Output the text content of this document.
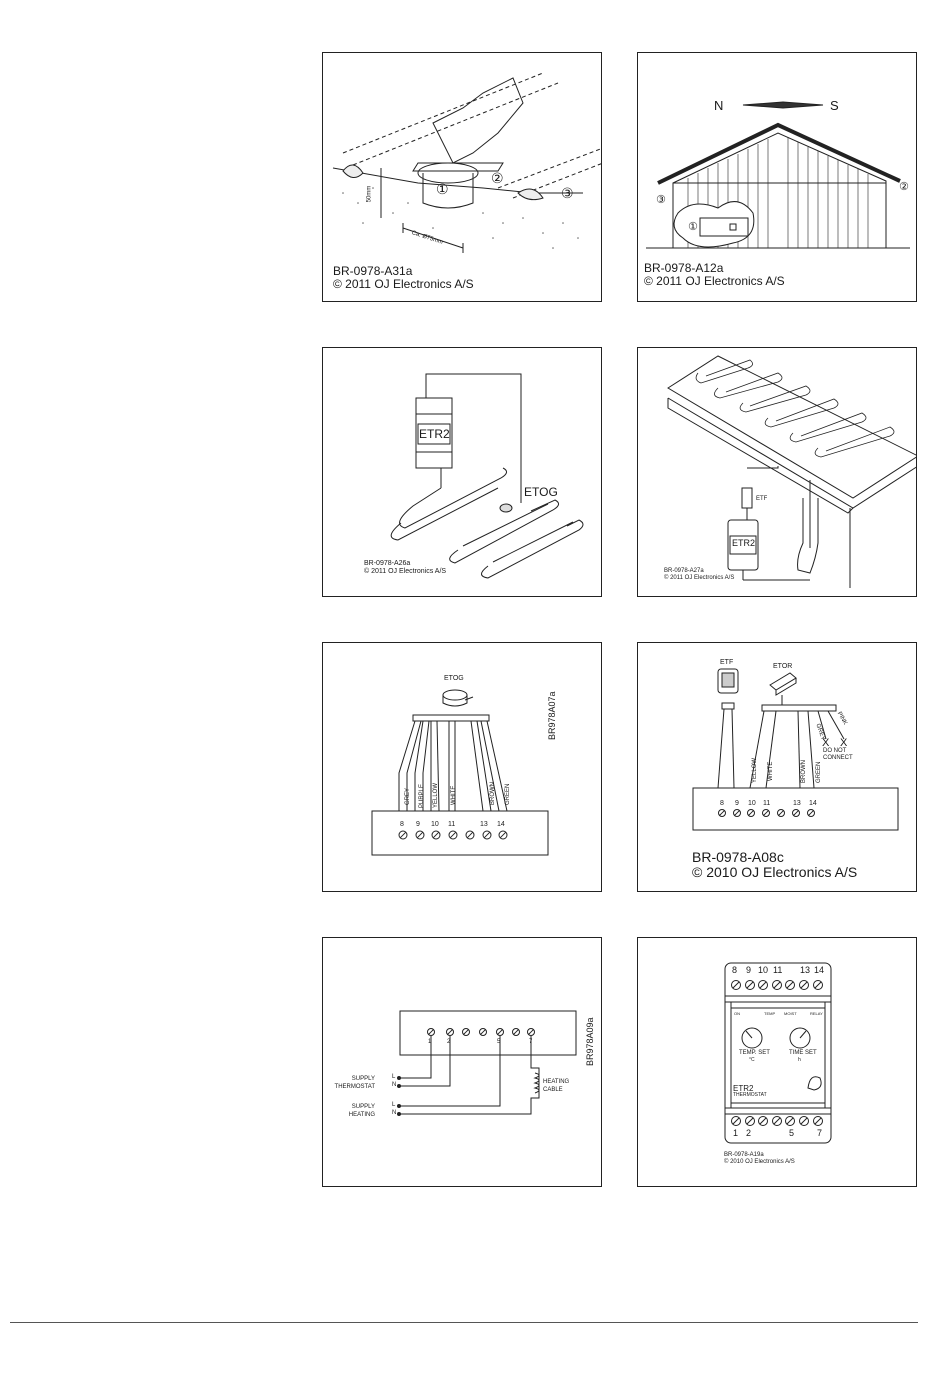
①
②
③
50mm
Ca. Ø75mm
BR-0978-A31a
© 2011 OJ Electronics A/S
N	S
①
②
③
BR-0978-A12a
© 2011 OJ Electronics A/S
ETR2
ETOG
BR-0978-A26a
© 2011 OJ Electronics A/S
ETF
ETR2
BR-0978-A27a
© 2011 OJ Electronics A/S
ETOG
BR978A07a
GREY PURPLE YELLOW WHITE	BROWN GREEN
8 9 10 11	13 14
ETF
ETOR
YELLOW WHITE	BROWN GREEN
GREY
PINK
X X
DO NOT CONNECT
8 9 10 11	13 14
BR-0978-A08c
© 2010 OJ Electronics A/S
BR978A09a
SUPPLY THERMOSTAT
SUPPLY HEATING
L
N
L
N
HEATING CABLE
1	2	5	7
8 9 10 11 13 14
1 2	5	7
ON	TEMP MOIST	RELAY
TEMP. SET
°C
TIME SET
h
ETR2
THERMOSTAT
BR-0978-A19a
© 2010 OJ Electronics A/S
